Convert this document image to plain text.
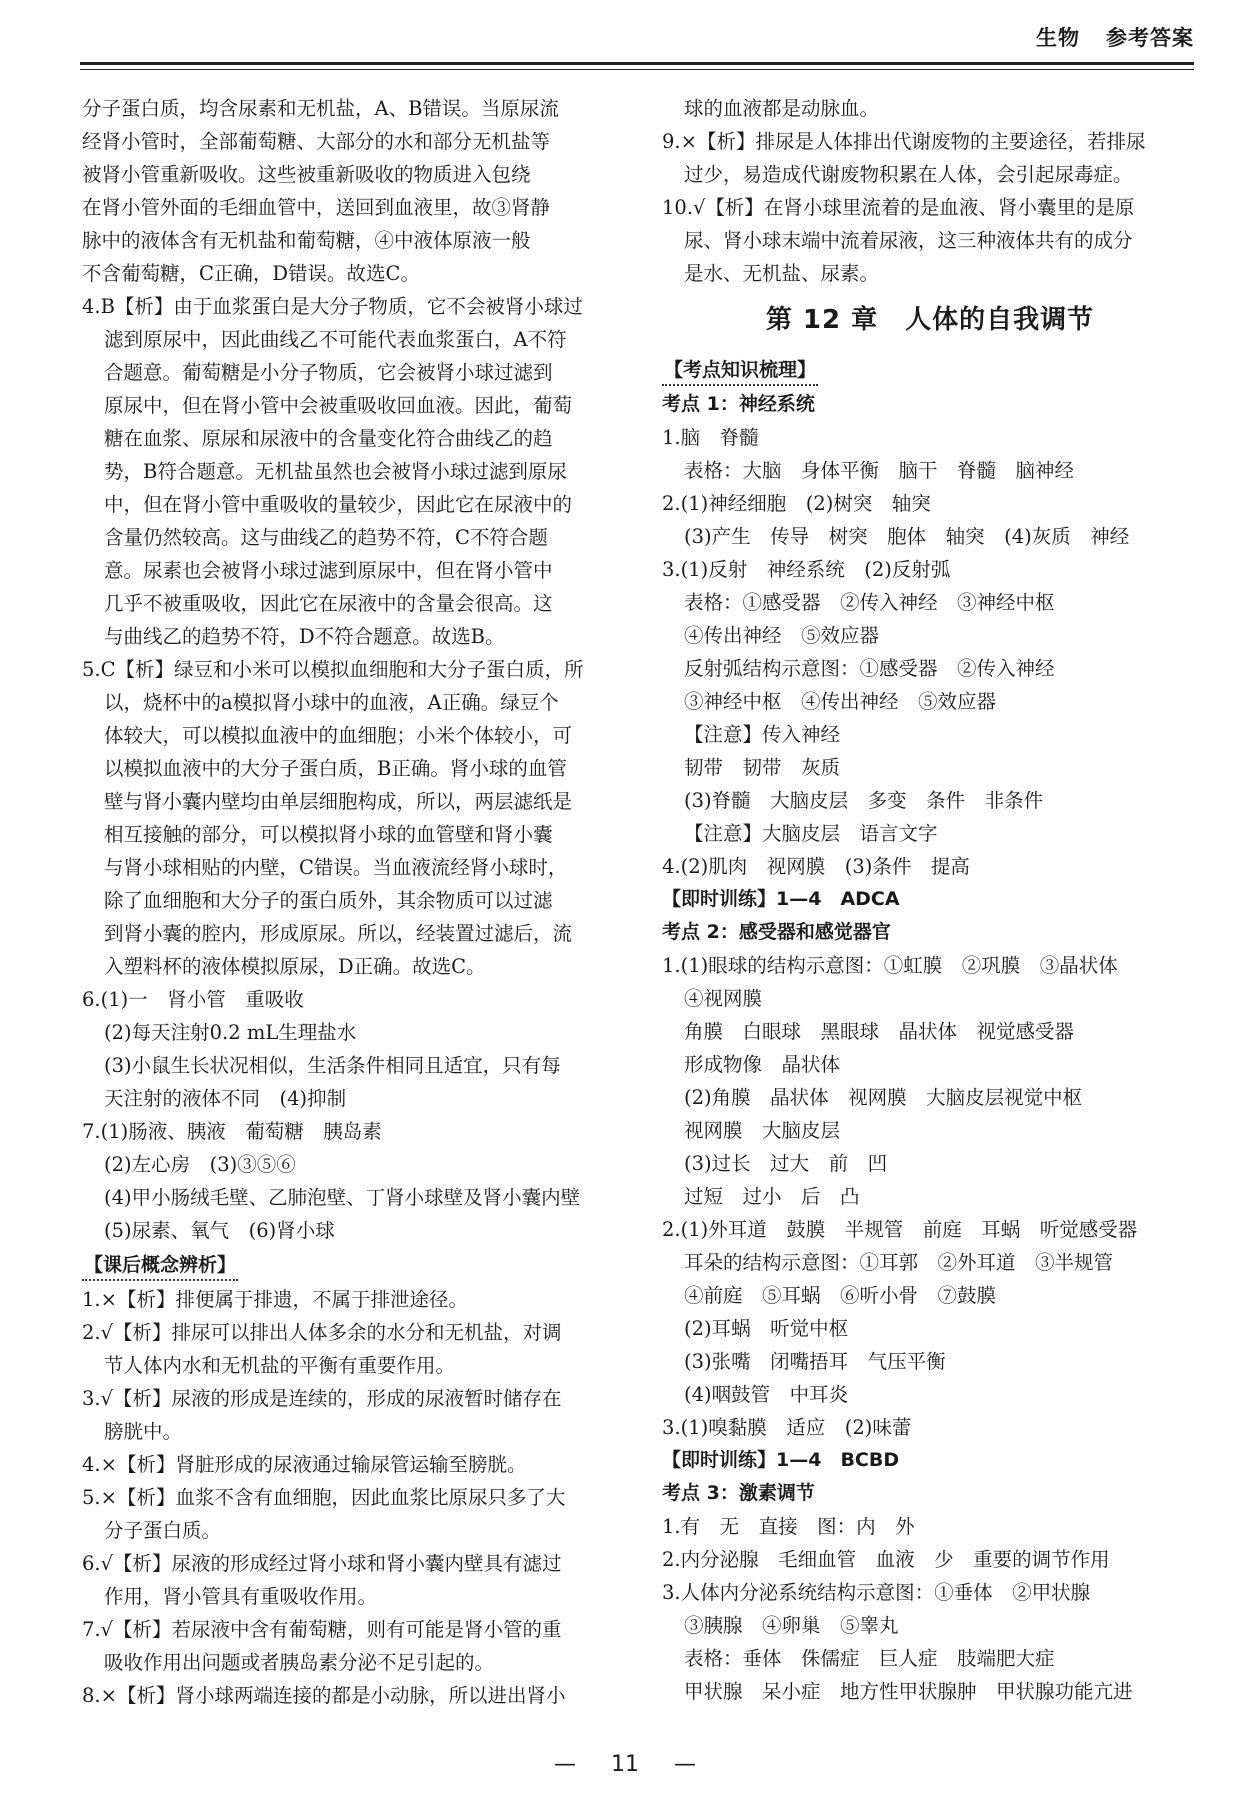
生物 参考答案
分子蛋白质，均含尿素和无机盐，A、B错误。当原尿流
经肾小管时，全部葡萄糖、大部分的水和部分无机盐等
被肾小管重新吸收。这些被重新吸收的物质进入包绕
在肾小管外面的毛细血管中，送回到血液里，故③肾静
脉中的液体含有无机盐和葡萄糖，④中液体原液一般
不含葡萄糖，C正确，D错误。故选C。
4.B【析】由于血浆蛋白是大分子物质，它不会被肾小球过
滤到原尿中，因此曲线乙不可能代表血浆蛋白，A不符
合题意。葡萄糖是小分子物质，它会被肾小球过滤到
原尿中，但在肾小管中会被重吸收回血液。因此，葡萄
糖在血浆、原尿和尿液中的含量变化符合曲线乙的趋
势，B符合题意。无机盐虽然也会被肾小球过滤到原尿
中，但在肾小管中重吸收的量较少，因此它在尿液中的
含量仍然较高。这与曲线乙的趋势不符，C不符合题
意。尿素也会被肾小球过滤到原尿中，但在肾小管中
几乎不被重吸收，因此它在尿液中的含量会很高。这
与曲线乙的趋势不符，D不符合题意。故选B。
5.C【析】绿豆和小米可以模拟血细胞和大分子蛋白质，所
以，烧杯中的a模拟肾小球中的血液，A正确。绿豆个
体较大，可以模拟血液中的血细胞；小米个体较小，可
以模拟血液中的大分子蛋白质，B正确。肾小球的血管
壁与肾小囊内壁均由单层细胞构成，所以，两层滤纸是
相互接触的部分，可以模拟肾小球的血管壁和肾小囊
与肾小球相贴的内壁，C错误。当血液流经肾小球时，
除了血细胞和大分子的蛋白质外，其余物质可以过滤
到肾小囊的腔内，形成原尿。所以，经装置过滤后，流
入塑料杯的液体模拟原尿，D正确。故选C。
6.(1)一　肾小管　重吸收
(2)每天注射0.2 mL生理盐水
(3)小鼠生长状况相似，生活条件相同且适宜，只有每
天注射的液体不同　(4)抑制
7.(1)肠液、胰液　葡萄糖　胰岛素
(2)左心房　(3)③⑤⑥
(4)甲小肠绒毛壁、乙肺泡壁、丁肾小球壁及肾小囊内壁
(5)尿素、氧气　(6)肾小球
【课后概念辨析】
1.×【析】排便属于排遗，不属于排泄途径。
2.√【析】排尿可以排出人体多余的水分和无机盐，对调
节人体内水和无机盐的平衡有重要作用。
3.√【析】尿液的形成是连续的，形成的尿液暂时储存在
膀胱中。
4.×【析】肾脏形成的尿液通过输尿管运输至膀胱。
5.×【析】血浆不含有血细胞，因此血浆比原尿只多了大
分子蛋白质。
6.√【析】尿液的形成经过肾小球和肾小囊内壁具有滤过
作用，肾小管具有重吸收作用。
7.√【析】若尿液中含有葡萄糖，则有可能是肾小管的重
吸收作用出问题或者胰岛素分泌不足引起的。
8.×【析】肾小球两端连接的都是小动脉，所以进出肾小
球的血液都是动脉血。
9.×【析】排尿是人体排出代谢废物的主要途径，若排尿
过少，易造成代谢废物积累在人体，会引起尿毒症。
10.√【析】在肾小球里流着的是血液、肾小囊里的是原
尿、肾小球末端中流着尿液，这三种液体共有的成分
是水、无机盐、尿素。
第 12 章　人体的自我调节
【考点知识梳理】
考点 1：神经系统
1.脑　脊髓
表格：大脑　身体平衡　脑干　脊髓　脑神经
2.(1)神经细胞　(2)树突　轴突
(3)产生　传导　树突　胞体　轴突　(4)灰质　神经
3.(1)反射　神经系统　(2)反射弧
表格：①感受器　②传入神经　③神经中枢
④传出神经　⑤效应器
反射弧结构示意图：①感受器　②传入神经
③神经中枢　④传出神经　⑤效应器
【注意】传入神经
韧带　韧带　灰质
(3)脊髓　大脑皮层　多变　条件　非条件
【注意】大脑皮层　语言文字
4.(2)肌肉　视网膜　(3)条件　提高
【即时训练】1—4　ADCA
考点 2：感受器和感觉器官
1.(1)眼球的结构示意图：①虹膜　②巩膜　③晶状体
④视网膜
角膜　白眼球　黑眼球　晶状体　视觉感受器
形成物像　晶状体
(2)角膜　晶状体　视网膜　大脑皮层视觉中枢
视网膜　大脑皮层
(3)过长　过大　前　凹
过短　过小　后　凸
2.(1)外耳道　鼓膜　半规管　前庭　耳蜗　听觉感受器
耳朵的结构示意图：①耳郭　②外耳道　③半规管
④前庭　⑤耳蜗　⑥听小骨　⑦鼓膜
(2)耳蜗　听觉中枢
(3)张嘴　闭嘴捂耳　气压平衡
(4)咽鼓管　中耳炎
3.(1)嗅黏膜　适应　(2)味蕾
【即时训练】1—4　BCBD
考点 3：激素调节
1.有　无　直接　图：内　外
2.内分泌腺　毛细血管　血液　少　重要的调节作用
3.人体内分泌系统结构示意图：①垂体　②甲状腺
③胰腺　④卵巢　⑤睾丸
表格：垂体　侏儒症　巨人症　肢端肥大症
甲状腺　呆小症　地方性甲状腺肿　甲状腺功能亢进
— 11 —
